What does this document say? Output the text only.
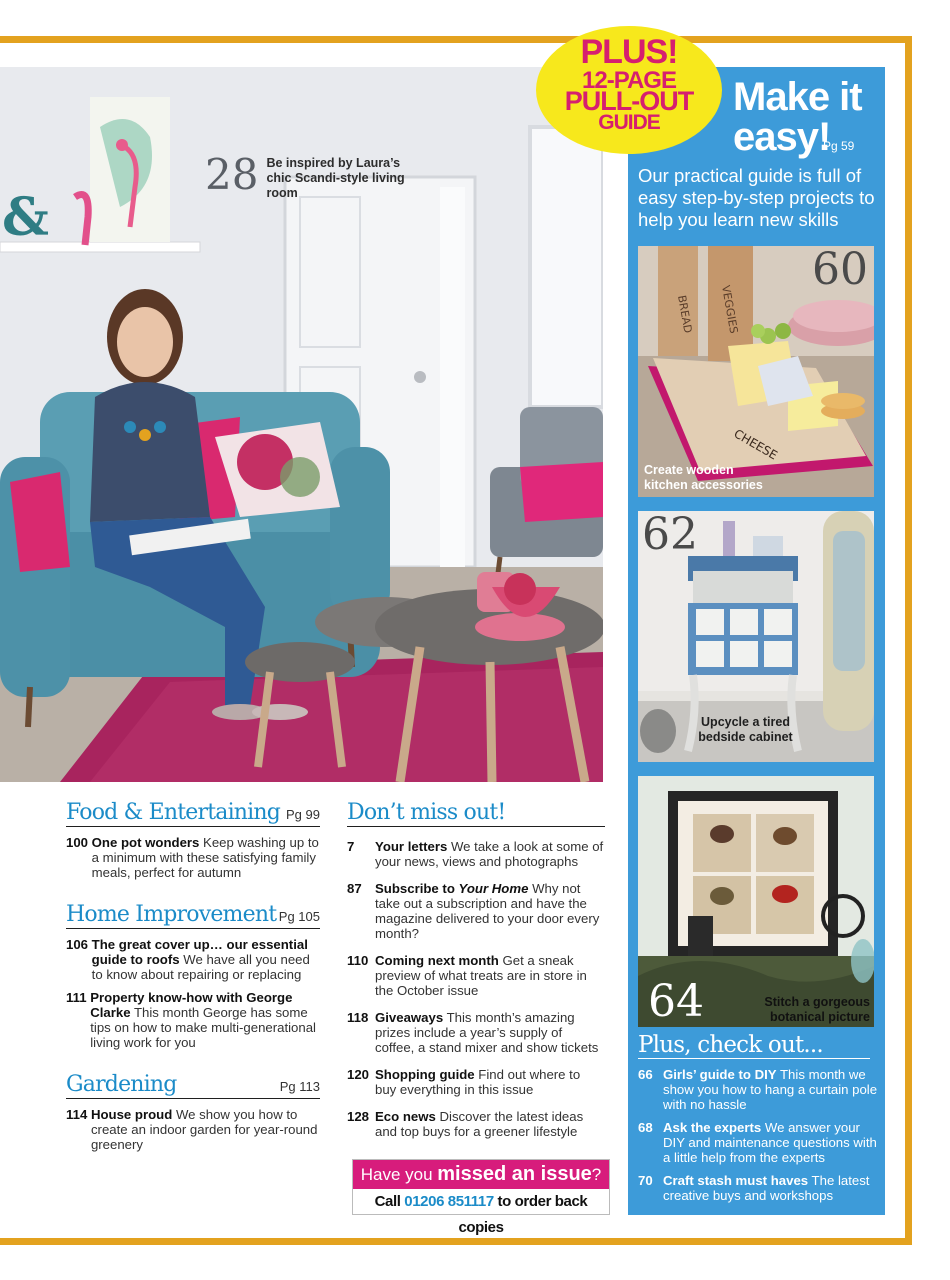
&
28 Be inspired by Laura’s chic Scandi-style living room
Make it
easy!
Pg 59
Our practical guide is full of easy step-by-step projects to help you learn new skills
BREAD VEGGIES
CHEESE
60
Create wooden kitchen accessories
62
Upcycle a tired bedside cabinet
64	Stitch a gorgeous botanical picture
Plus, check out...
66 Girls’ guide to DIY This month we show you how to hang a curtain pole with no hassle
68 Ask the experts We answer your DIY and maintenance questions with a little help from the experts
70 Craft stash must haves The latest creative buys and workshops
PLUS!
12-PAGE
PULL-OUT
GUIDE
Food & Entertaining Pg 99
100 One pot wonders Keep washing up to a minimum with these satisfying family meals, perfect for autumn
Home Improvement Pg 105
106 The great cover up… our essential guide to roofs We have all you need to know about repairing or replacing
111 Property know-how with George Clarke This month George has some tips on how to make multi-generational living work for you
Gardening	Pg 113
114 House proud We show you how to create an indoor garden for year-round greenery
Don’t miss out!
7	Your letters We take a look at some of your news, views and photographs
87	Subscribe to Your Home Why not take out a subscription and have the magazine delivered to your door every month?
110 Coming next month Get a sneak preview of what treats are in store in the October issue
118 Giveaways This month’s amazing prizes include a year’s supply of coffee, a stand mixer and show tickets
120 Shopping guide Find out where to buy everything in this issue
128 Eco news Discover the latest ideas and top buys for a greener lifestyle
Have you missed an issue?
Call 01206 851117 to order back copies
